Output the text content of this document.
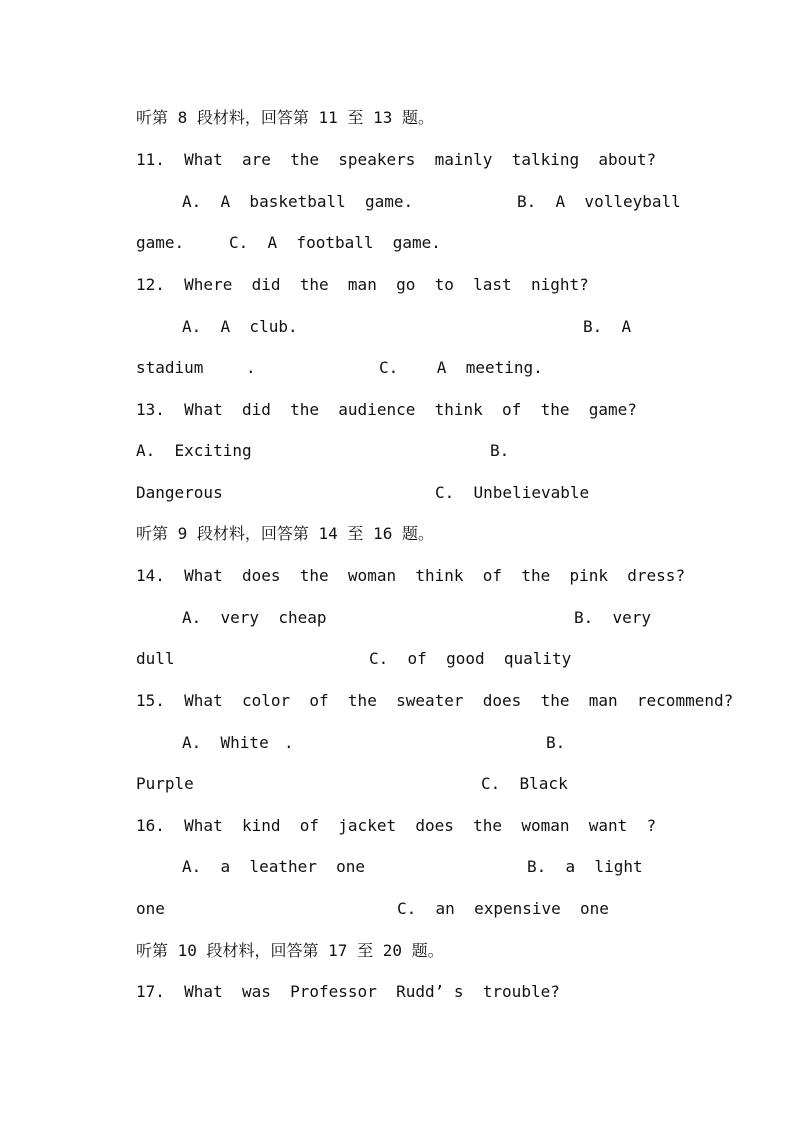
听第 8 段材料，回答第 11 至 13 题。
11.  What  are  the  speakers  mainly  talking  about?
A.  A  basketball  game.	B.  A  volleyball
game.	C.  A  football  game.
12.  Where  did  the  man  go  to  last  night?
A.  A  club.	B.  A
stadium	.	C.    A  meeting.
13.  What  did  the  audience  think  of  the  game?
A.  Exciting	B.
Dangerous	C.  Unbelievable
听第 9 段材料，回答第 14 至 16 题。
14.  What  does  the  woman  think  of  the  pink  dress?
A.  very  cheap	B.  very
dull	C.  of  good  quality
15.  What  color  of  the  sweater  does  the  man  recommend?
A.  White .	B.
Purple	C.  Black
16.  What  kind  of  jacket  does  the  woman  want  ?
A.  a  leather  one	B.  a  light
one	C.  an  expensive  one
听第 10 段材料，回答第 17 至 20 题。
17.  What  was  Professor  Rudd’ s  trouble?
